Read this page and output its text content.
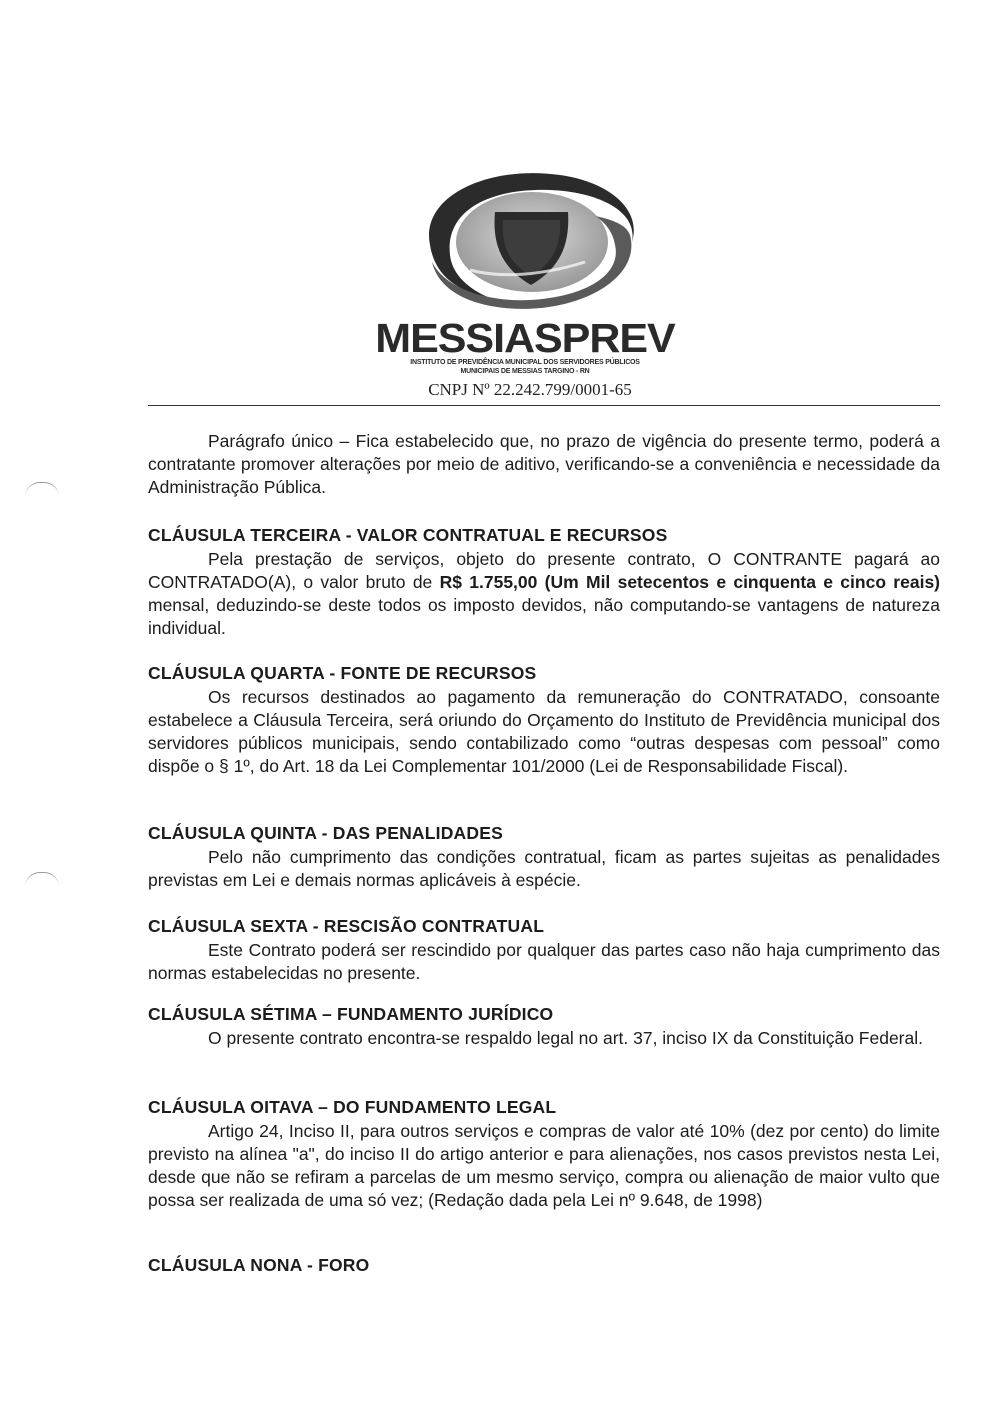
MESSIASPREV
INSTITUTO DE PREVIDÊNCIA MUNICIPAL DOS SERVIDORES PÚBLICOS
MUNICIPAIS DE MESSIAS TARGINO - RN
CNPJ Nº 22.242.799/0001-65

Parágrafo único – Fica estabelecido que, no prazo de vigência do presente termo, poderá a contratante promover alterações por meio de aditivo, verificando-se a conveniência e necessidade da Administração Pública.

CLÁUSULA TERCEIRA - VALOR CONTRATUAL E RECURSOS

Pela prestação de serviços, objeto do presente contrato, O CONTRANTE pagará ao CONTRATADO(A), o valor bruto de R$ 1.755,00 (Um Mil setecentos e cinquenta e cinco reais) mensal, deduzindo-se deste todos os imposto devidos, não computando-se vantagens de natureza individual.

CLÁUSULA QUARTA - FONTE DE RECURSOS

Os recursos destinados ao pagamento da remuneração do CONTRATADO, consoante estabelece a Cláusula Terceira, será oriundo do Orçamento do Instituto de Previdência municipal dos servidores públicos municipais, sendo contabilizado como “outras despesas com pessoal” como dispõe o § 1º, do Art. 18 da Lei Complementar 101/2000 (Lei de Responsabilidade Fiscal).

CLÁUSULA QUINTA - DAS PENALIDADES

Pelo não cumprimento das condições contratual, ficam as partes sujeitas as penalidades previstas em Lei e demais normas aplicáveis à espécie.

CLÁUSULA SEXTA - RESCISÃO CONTRATUAL

Este Contrato poderá ser rescindido por qualquer das partes caso não haja cumprimento das normas estabelecidas no presente.

CLÁUSULA SÉTIMA – FUNDAMENTO JURÍDICO

O presente contrato encontra-se respaldo legal no art. 37, inciso IX da Constituição Federal.

CLÁUSULA OITAVA – DO FUNDAMENTO LEGAL

Artigo 24, Inciso II, para outros serviços e compras de valor até 10% (dez por cento) do limite previsto na alínea "a", do inciso II do artigo anterior e para alienações, nos casos previstos nesta Lei, desde que não se refiram a parcelas de um mesmo serviço, compra ou alienação de maior vulto que possa ser realizada de uma só vez; (Redação dada pela Lei nº 9.648, de 1998)

CLÁUSULA NONA - FORO
